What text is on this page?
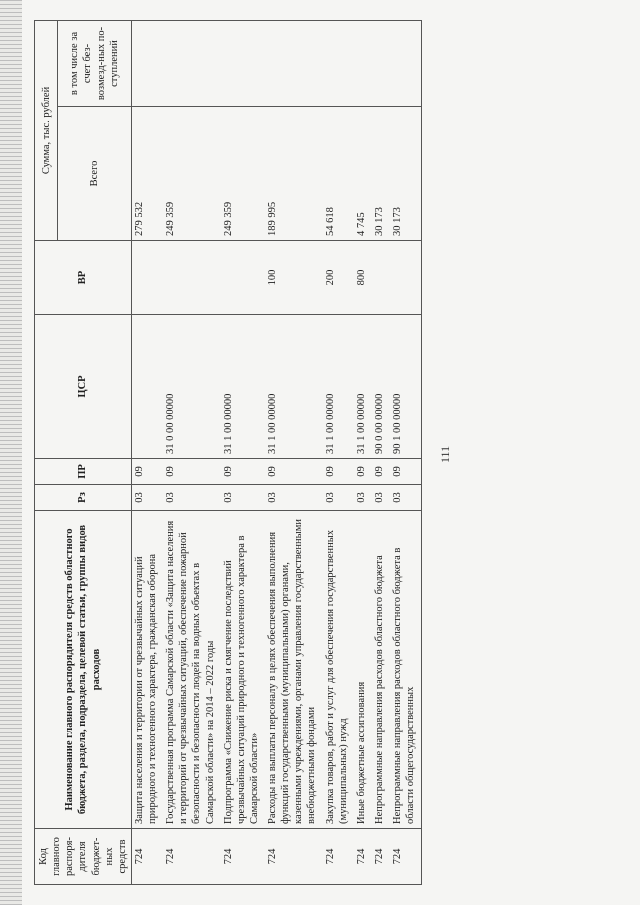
111
Код главного распоря-дителя бюджет-ных средств	Наименование главного распорядителя средств областного бюджета, раздела, подраздела, целевой статьи, группы видов расходов	Рз	ПР	ЦСР	ВР	Сумма, тыс. рублей	
						Всего	в том числе за счет без-возмезд-ных по-ступлений
724	Защита населения и территории от чрезвычайных ситуаций природного и техногенного характера, гражданская оборона	03	09			279 532	
724	Государственная программа Самарской области «Защита населения и территорий от чрезвычайных ситуаций, обеспечение пожарной безопасности и безопасности людей на водных объектах в Самарской области» на 2014 – 2022 годы	03	09	31 0 00 00000		249 359	
724	Подпрограмма «Снижение риска и смягчение последствий чрезвычайных ситуаций природного и техногенного характера в Самарской области»	03	09	31 1 00 00000		249 359	
724	Расходы на выплаты персоналу в целях обеспечения выполнения функций государственными (муниципальными) органами, казенными учреждениями, органами управления государственными внебюджетными фондами	03	09	31 1 00 00000	100	189 995	
724	Закупка товаров, работ и услуг для обеспечения государственных (муниципальных) нужд	03	09	31 1 00 00000	200	54 618	
724	Иные бюджетные ассигнования	03	09	31 1 00 00000	800	4 745	
724	Непрограммные направления расходов областного бюджета	03	09	90 0 00 00000		30 173	
724	Непрограммные направления расходов областного бюджета в области общегосударственных	03	09	90 1 00 00000		30 173	
